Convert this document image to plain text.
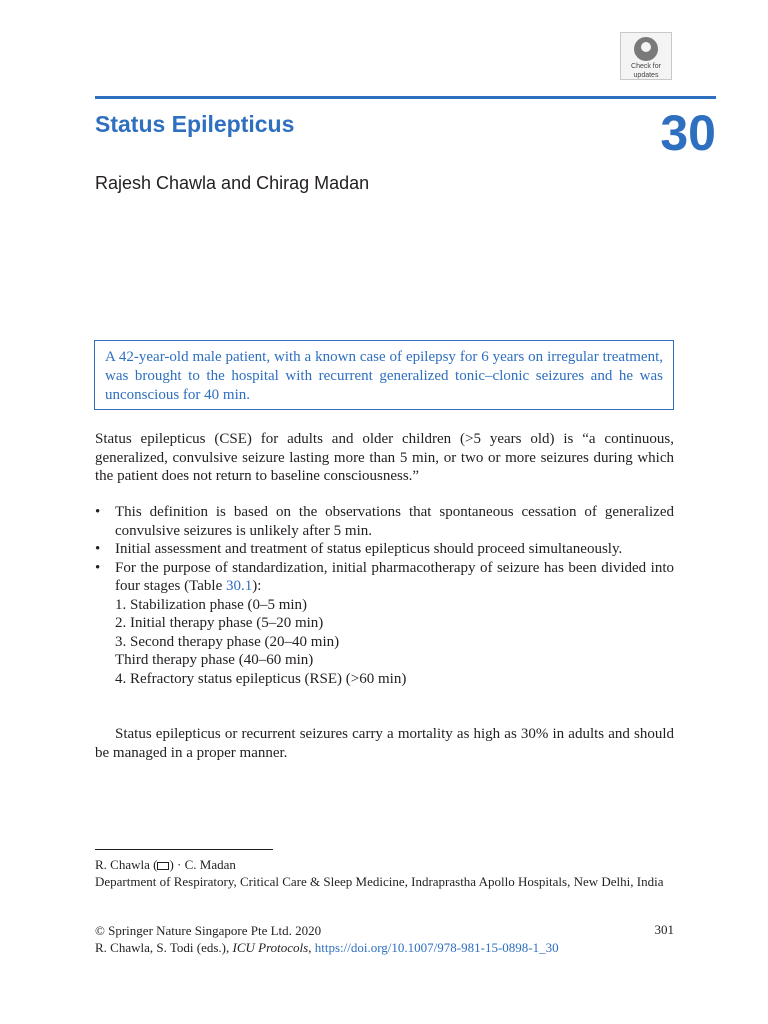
Check for
updates
Status Epilepticus	30
Rajesh Chawla and Chirag Madan
A 42-year-old male patient, with a known case of epilepsy for 6 years on irregular treatment, was brought to the hospital with recurrent generalized tonic–clonic seizures and he was unconscious for 40 min.
Status epilepticus (CSE) for adults and older children (>5 years old) is “a continuous, generalized, convulsive seizure lasting more than 5 min, or two or more seizures during which the patient does not return to baseline consciousness.”
• This definition is based on the observations that spontaneous cessation of generalized convulsive seizures is unlikely after 5 min.
• Initial assessment and treatment of status epilepticus should proceed simultaneously.
• For the purpose of standardization, initial pharmacotherapy of seizure has been divided into four stages (Table 30.1):
1. Stabilization phase (0–5 min)
2. Initial therapy phase (5–20 min)
3. Second therapy phase (20–40 min)
Third therapy phase (40–60 min)
4. Refractory status epilepticus (RSE) (>60 min)
Status epilepticus or recurrent seizures carry a mortality as high as 30% in adults and should be managed in a proper manner.
R. Chawla ( ) · C. Madan
Department of Respiratory, Critical Care & Sleep Medicine, Indraprastha Apollo Hospitals, New Delhi, India
© Springer Nature Singapore Pte Ltd. 2020
R. Chawla, S. Todi (eds.), ICU Protocols, https://doi.org/10.1007/978-981-15-0898-1_30
301
